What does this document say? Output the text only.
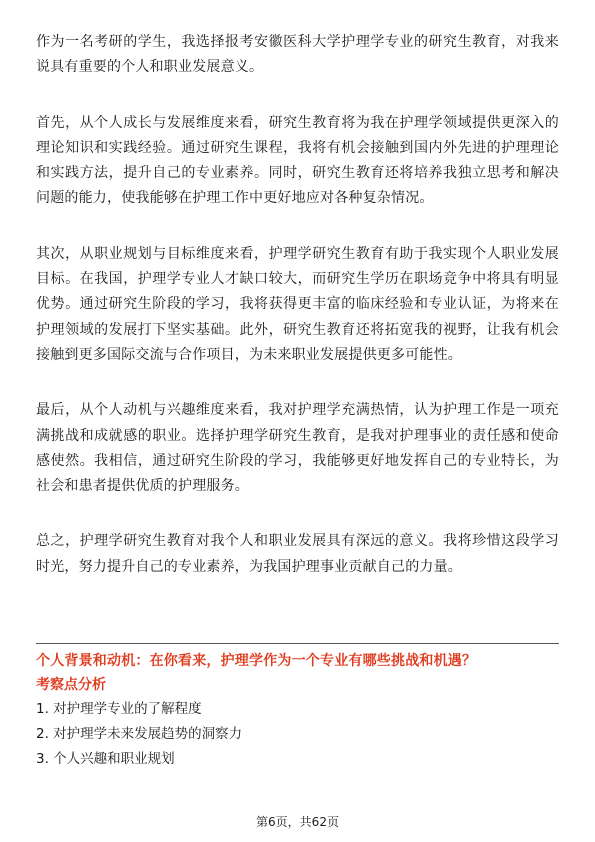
作为一名考研的学生，我选择报考安徽医科大学护理学专业的研究生教育，对我来说具有重要的个人和职业发展意义。

首先，从个人成长与发展维度来看，研究生教育将为我在护理学领域提供更深入的理论知识和实践经验。通过研究生课程，我将有机会接触到国内外先进的护理理论和实践方法，提升自己的专业素养。同时，研究生教育还将培养我独立思考和解决问题的能力，使我能够在护理工作中更好地应对各种复杂情况。

其次，从职业规划与目标维度来看，护理学研究生教育有助于我实现个人职业发展目标。在我国，护理学专业人才缺口较大，而研究生学历在职场竞争中将具有明显优势。通过研究生阶段的学习，我将获得更丰富的临床经验和专业认证，为将来在护理领域的发展打下坚实基础。此外，研究生教育还将拓宽我的视野，让我有机会接触到更多国际交流与合作项目，为未来职业发展提供更多可能性。

最后，从个人动机与兴趣维度来看，我对护理学充满热情，认为护理工作是一项充满挑战和成就感的职业。选择护理学研究生教育，是我对护理事业的责任感和使命感使然。我相信，通过研究生阶段的学习，我能够更好地发挥自己的专业特长，为社会和患者提供优质的护理服务。

总之，护理学研究生教育对我个人和职业发展具有深远的意义。我将珍惜这段学习时光，努力提升自己的专业素养，为我国护理事业贡献自己的力量。

个人背景和动机：在你看来，护理学作为一个专业有哪些挑战和机遇？

考察点分析

1. 对护理学专业的了解程度
2. 对护理学未来发展趋势的洞察力
3. 个人兴趣和职业规划
第6页，共62页
